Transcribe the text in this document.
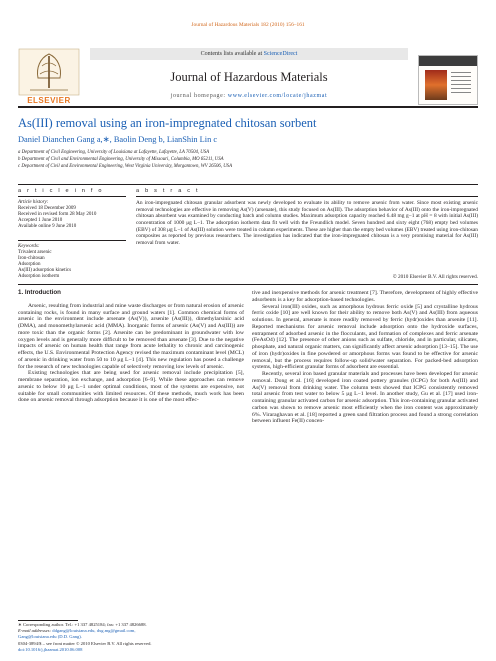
Journal of Hazardous Materials 182 (2010) 156–161
Contents lists available at ScienceDirect
ELSEVIER
Journal of Hazardous Materials
journal homepage: www.elsevier.com/locate/jhazmat
As(III) removal using an iron-impregnated chitosan sorbent
Daniel Dianchen Gang a,∗, Baolin Deng b, LianShin Lin c
a Department of Civil Engineering, University of Louisiana at Lafayette, Lafayette, LA 70504, USA
b Department of Civil and Environmental Engineering, University of Missouri, Columbia, MO 65211, USA
c Department of Civil and Environmental Engineering, West Virginia University, Morgantown, WV 26506, USA
a r t i c l e i n f o	a b s t r a c t
Article history:
Received 18 December 2009
Received in revised form 28 May 2010
Accepted 1 June 2010
Available online 9 June 2010
Keywords:
Trivalent arsenic
Iron-chitosan
Adsorption
As(III) adsorption kinetics
Adsorption isotherm
An iron-impregnated chitosan granular adsorbent was newly developed to evaluate its ability to remove arsenic from water. Since most existing arsenic removal technologies are effective in removing As(V) (arsenate), this study focused on As(III). The adsorption behavior of As(III) onto the iron-impregnated chitosan absorbent was examined by conducting batch and column studies. Maximum adsorption capacity reached 6.48 mg g−1 at pH = 8 with initial As(III) concentration of 1000 μg L−1. The adsorption isotherm data fit well with the Freundlich model. Seven hundred and sixty eight (768) empty bed volumes (EBV) of 308 μg L−1 of As(III) solution were treated in column experiments. These are higher than the empty bed volumes (EBV) treated using iron-chitosan composites as reported by previous researchers. The investigation has indicated that the iron-impregnated chitosan is a very promising material for As(III) removal from water.
© 2010 Elsevier B.V. All rights reserved.
1. Introduction

Arsenic, resulting from industrial and mine waste discharges or from natural erosion of arsenic containing rocks, is found in many surface and ground waters [1]. Common chemical forms of arsenic in the environment include arsenate (As(V)), arsenite (As(III)), dimethylarsinic acid (DMA), and monomethylarsenic acid (MMA). Inorganic forms of arsenic (As(V) and As(III)) are more toxic than the organic forms [2]. Arsenite can be predominant in groundwater with low oxygen levels and is generally more difficult to be removed than arsenate [3]. Due to the negative impacts of arsenic on human health that range from acute lethality to chronic and carcinogenic effects, the U.S. Environmental Protection Agency revised the maximum contaminant level (MCL) of arsenic in drinking water from 50 to 10 μg L−1 [4]. This new regulation has posed a challenge for the research of new technologies capable of selectively removing low levels of arsenic.

Existing technologies that are being used for arsenic removal include precipitation [5], membrane separation, ion exchange, and adsorption [6–9]. While these approaches can remove arsenic to below 10 μg L−1 under optimal conditions, most of the systems are expensive, not suitable for small communities with limited resources. Of these methods, much work has been done on arsenic removal through adsorption because it is one of the most effec-

tive and inexpensive methods for arsenic treatment [7]. Therefore, development of highly effective adsorbents is a key for adsorption-based technologies.

Several iron(III) oxides, such as amorphous hydrous ferric oxide [5] and crystalline hydrous ferric oxide [10] are well known for their ability to remove both As(V) and As(III) from aqueous solutions. In general, arsenate is more readily removed by ferric (hydr)oxides than arsenite [11]. Reported mechanisms for arsenic removal include adsorption onto the hydroxide surfaces, entrapment of adsorbed arsenic in the flocculants, and formation of complexes and ferric arsenate (FeAsO4) [12]. The presence of other anions such as sulfate, chloride, and in particular, silicates, phosphate, and natural organic matters, can significantly affect arsenic adsorption [13–15]. The use of iron (hydr)oxides in fine powdered or amorphous forms was found to be effective for arsenic removal, but the process requires follow-up solid/water separation. For packed-bed adsorption systems, high-efficient granular forms of adsorbent are essential.

Recently, several iron based granular materials and processes have been developed for arsenic removal. Dong et al. [16] developed iron coated pottery granules (ICPG) for both As(III) and As(V) removal from drinking water. The column tests showed that ICPG consistently removed total arsenic from test water to below 5 μg L−1 level. In another study, Gu et al. [17] used iron-containing granular activated carbon for arsenic adsorption. This iron-containing granular activated carbon was shown to remove arsenic most efficiently when the iron content was approximately 6%. Viraraghavan et al. [18] reported a green sand filtration process and found a strong correlation between influent Fe(II) concen-

∗ Corresponding author. Tel.: +1 337 4825184; fax: +1 337 4826688.
E-mail addresses: ddgang@louisiana.edu, dxg.mg@gmail.com,
Gang@louisiana.edu (D.D. Gang).
0304-3894/$ – see front matter © 2010 Elsevier B.V. All rights reserved.
doi:10.1016/j.jhazmat.2010.06.008
